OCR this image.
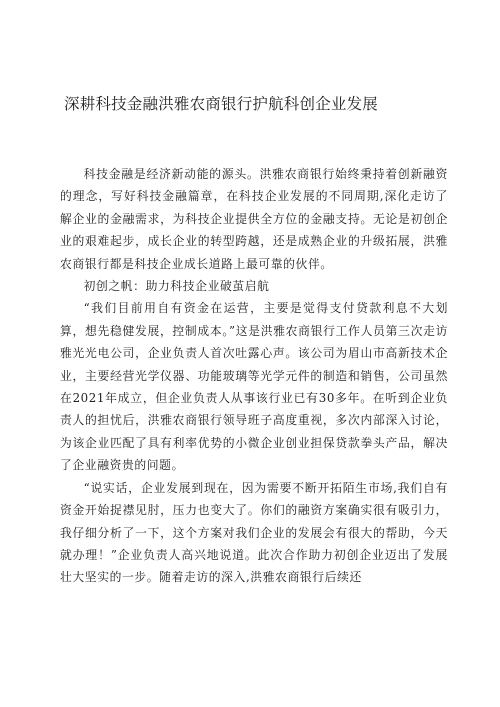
深耕科技金融洪雅农商银行护航科创企业发展

科技金融是经济新动能的源头。洪雅农商银行始终秉持着创新融资的理念，写好科技金融篇章，在科技企业发展的不同周期,深化走访了解企业的金融需求，为科技企业提供全方位的金融支持。无论是初创企业的艰难起步，成长企业的转型跨越，还是成熟企业的升级拓展，洪雅农商银行都是科技企业成长道路上最可靠的伙伴。

初创之帆：助力科技企业破茧启航

“我们目前用自有资金在运营，主要是觉得支付贷款利息不大划算，想先稳健发展，控制成本。”这是洪雅农商银行工作人员第三次走访雅光光电公司，企业负责人首次吐露心声。该公司为眉山市高新技术企业，主要经营光学仪器、功能玻璃等光学元件的制造和销售，公司虽然在2021年成立，但企业负责人从事该行业已有30多年。在听到企业负责人的担忧后，洪雅农商银行领导班子高度重视，多次内部深入讨论，为该企业匹配了具有利率优势的小微企业创业担保贷款拳头产品，解决了企业融资贵的问题。

“说实话，企业发展到现在，因为需要不断开拓陌生市场,我们自有资金开始捉襟见肘，压力也变大了。你们的融资方案确实很有吸引力，我仔细分析了一下，这个方案对我们企业的发展会有很大的帮助，今天就办理！”企业负责人高兴地说道。此次合作助力初创企业迈出了发展壮大坚实的一步。随着走访的深入,洪雅农商银行后续还
